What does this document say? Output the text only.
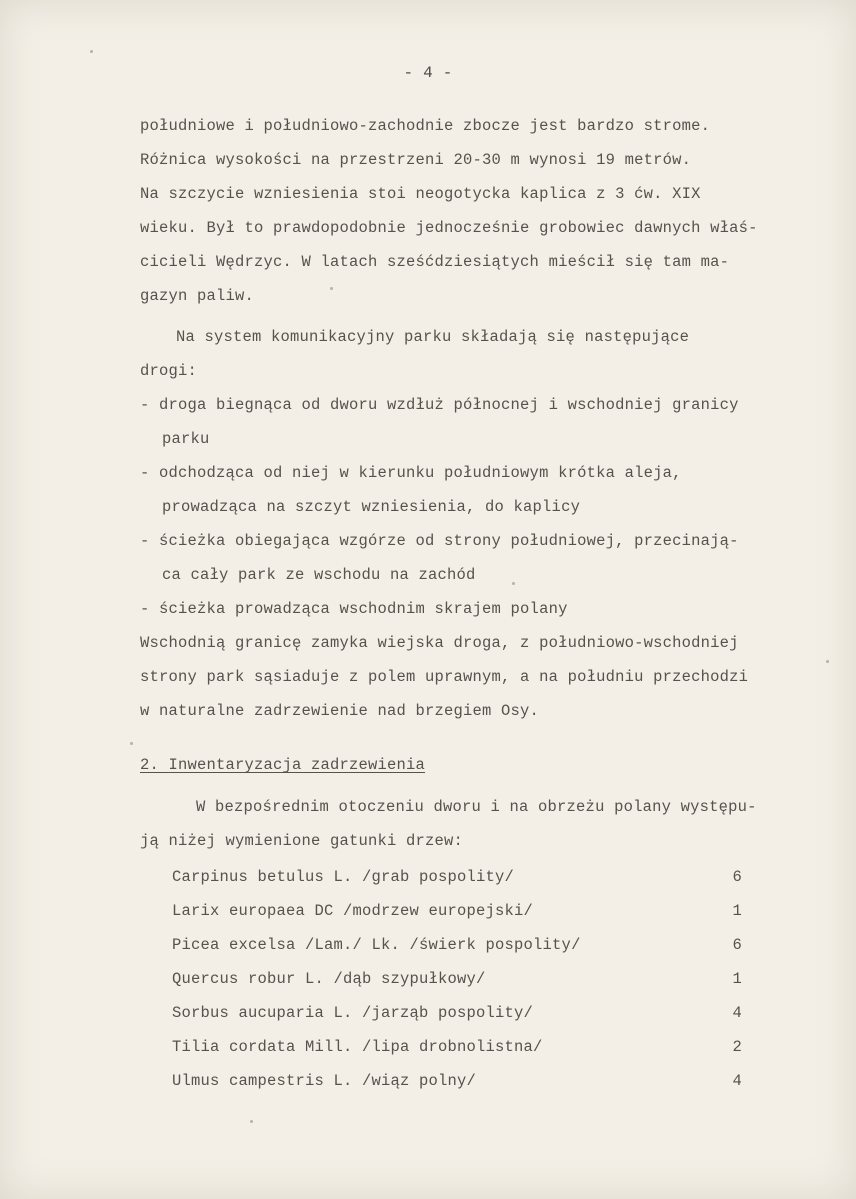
- 4 -
południowe i południowo-zachodnie zbocze jest bardzo strome.
Różnica wysokości na przestrzeni 20-30 m wynosi 19 metrów.
Na szczycie wzniesienia stoi neogotycka kaplica z 3 ćw. XIX
wieku. Był to prawdopodobnie jednocześnie grobowiec dawnych właś-
cicieli Wędrzyc. W latach sześćdziesiątych mieścił się tam ma-
gazyn paliw.
Na system komunikacyjny parku składają się następujące
drogi:
- droga biegnąca od dworu wzdłuż północnej i wschodniej granicy
parku
- odchodząca od niej w kierunku południowym krótka aleja,
prowadząca na szczyt wzniesienia, do kaplicy
- ścieżka obiegająca wzgórze od strony południowej, przecinają-
ca cały park ze wschodu na zachód
- ścieżka prowadząca wschodnim skrajem polany
Wschodnią granicę zamyka wiejska droga, z południowo-wschodniej
strony park sąsiaduje z polem uprawnym, a na południu przechodzi
w naturalne zadrzewienie nad brzegiem Osy.
2. Inwentaryzacja zadrzewienia
W bezpośrednim otoczeniu dworu i na obrzeżu polany występu-
ją niżej wymienione gatunki drzew:
Carpinus betulus L. /grab pospolity/	6
Larix europaea DC /modrzew europejski/	1
Picea excelsa /Lam./ Lk. /świerk pospolity/	6
Quercus robur L. /dąb szypułkowy/	1
Sorbus aucuparia L. /jarząb pospolity/	4
Tilia cordata Mill. /lipa drobnolistna/	2
Ulmus campestris L. /wiąz polny/	4
